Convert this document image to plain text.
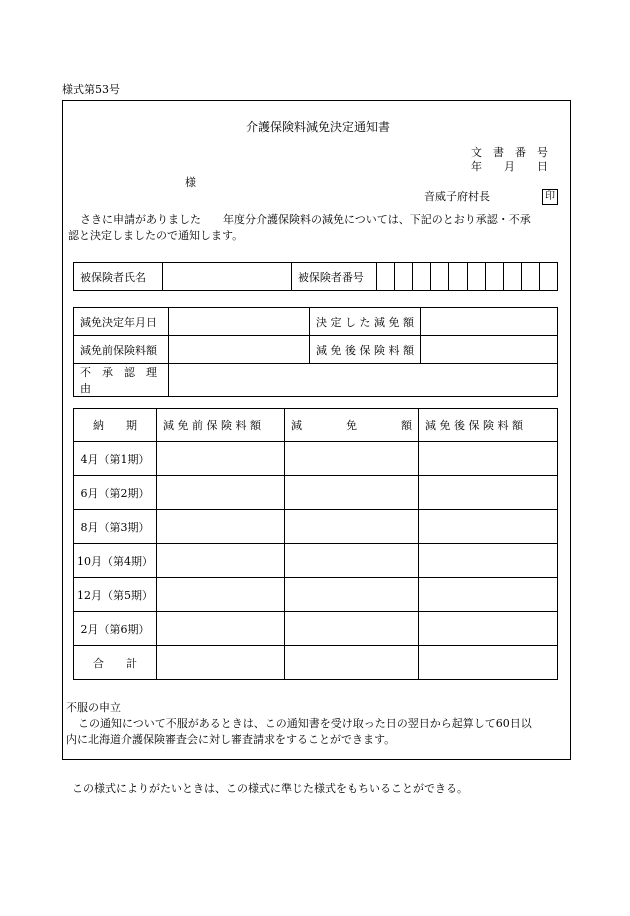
様式第53号
介護保険料減免決定通知書
文　書　番　号
年　　月　　日
様
音威子府村長	印
さきに申請がありました　　年度分介護保険料の減免については、下記のとおり承認・不承
認と決定しましたので通知します。
被保険者氏名		被保険者番号										
減免決定年月日		決 定 し た 減 免 額	
減免前保険料額		減 免 後 保 険 料 額	
不　承　認　理　由			
納　　期	減 免 前 保 険 料 額	減　　　　免　　　　額	減 免 後 保 険 料 額
4月（第1期）			
6月（第2期）			
8月（第3期）			
10月（第4期）			
12月（第5期）			
2月（第6期）			
合　　計			
不服の申立
この通知について不服があるときは、この通知書を受け取った日の翌日から起算して60日以
内に北海道介護保険審査会に対し審査請求をすることができます。
この様式によりがたいときは、この様式に準じた様式をもちいることができる。
